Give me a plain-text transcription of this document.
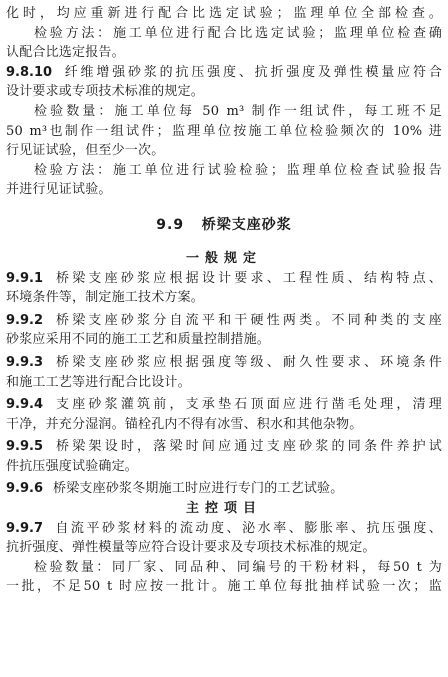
化时，均应重新进行配合比选定试验；监理单位全部检查。
检验方法：施工单位进行配合比选定试验；监理单位检查确
认配合比选定报告。
9.8.10 纤维增强砂浆的抗压强度、抗折强度及弹性模量应符合
设计要求或专项技术标准的规定。
检验数量：施工单位每 50 m³ 制作一组试件，每工班不足
50 m³也制作一组试件；监理单位按施工单位检验频次的 10% 进
行见证试验，但至少一次。
检验方法：施工单位进行试验检验；监理单位检查试验报告
并进行见证试验。
9.9 桥梁支座砂浆
一般规定
9.9.1 桥梁支座砂浆应根据设计要求、工程性质、结构特点、
环境条件等，制定施工技术方案。
9.9.2 桥梁支座砂浆分自流平和干硬性两类。不同种类的支座
砂浆应采用不同的施工工艺和质量控制措施。
9.9.3 桥梁支座砂浆应根据强度等级、耐久性要求、环境条件
和施工工艺等进行配合比设计。
9.9.4 支座砂浆灌筑前，支承垫石顶面应进行凿毛处理，清理
干净，并充分湿润。锚栓孔内不得有冰雪、积水和其他杂物。
9.9.5 桥梁架设时，落梁时间应通过支座砂浆的同条件养护试
件抗压强度试验确定。
9.9.6 桥梁支座砂浆冬期施工时应进行专门的工艺试验。
主控项目
9.9.7 自流平砂浆材料的流动度、泌水率、膨胀率、抗压强度、
抗折强度、弹性模量等应符合设计要求及专项技术标准的规定。
检验数量：同厂家、同品种、同编号的干粉材料，每50 t 为
一批，不足50 t 时应按一批计。施工单位每批抽样试验一次；监
